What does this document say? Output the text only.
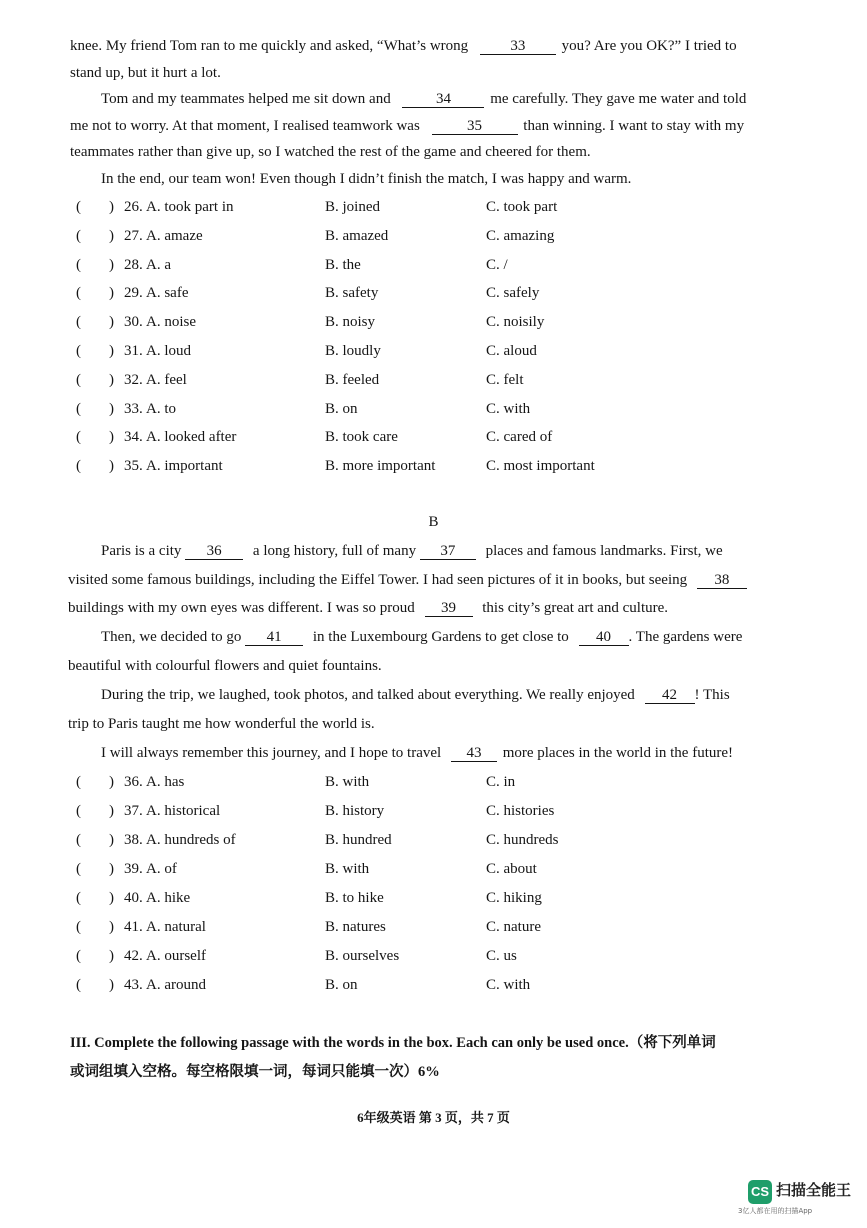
knee. My friend Tom ran to me quickly and asked, “What’s wrong	33 you? Are you OK?” I tried to
stand up, but it hurt a lot.
Tom and my teammates helped me sit down and	34	me carefully. They gave me water and told
me not to worry. At that moment, I realised teamwork was	35	than winning. I want to stay with my
teammates rather than give up, so I watched the rest of the game and cheered for them.
In the end, our team won! Even though I didn’t finish the match, I was happy and warm.
( ) 26. A. took part in	B. joined	C. took part
( ) 27. A. amaze	B. amazed	C. amazing
( ) 28. A. a	B. the	C. /
( ) 29. A. safe	B. safety	C. safely
( ) 30. A. noise	B. noisy	C. noisily
( ) 31. A. loud	B. loudly	C. aloud
( ) 32. A. feel	B. feeled	C. felt
( ) 33. A. to	B. on	C. with
( ) 34. A. looked after	B. took care	C. cared of
( ) 35. A. important	B. more important	C. most important
B
Paris is a city 36 a long history, full of many 37 places and famous landmarks. First, we
visited some famous buildings, including the Eiffel Tower. I had seen pictures of it in books, but seeing 38
buildings with my own eyes was different. I was so proud 39 this city’s great art and culture.
Then, we decided to go 41 in the Luxembourg Gardens to get close to 40 . The gardens were
beautiful with colourful flowers and quiet fountains.
During the trip, we laughed, took photos, and talked about everything. We really enjoyed 42 ! This
trip to Paris taught me how wonderful the world is.
I will always remember this journey, and I hope to travel 43 more places in the world in the future!
( ) 36. A. has	B. with	C. in
( ) 37. A. historical	B. history	C. histories
( ) 38. A. hundreds of	B. hundred	C. hundreds
( ) 39. A. of	B. with	C. about
( ) 40. A. hike	B. to hike	C. hiking
( ) 41. A. natural	B. natures	C. nature
( ) 42. A. ourself	B. ourselves	C. us
( ) 43. A. around	B. on	C. with
III. Complete the following passage with the words in the box. Each can only be used once.（将下列单词
或词组填入空格。每空格限填一词，每词只能填一次）6%
6年级英语 第 3 页，共 7 页
CS 扫描全能王
3亿人都在用的扫描App
